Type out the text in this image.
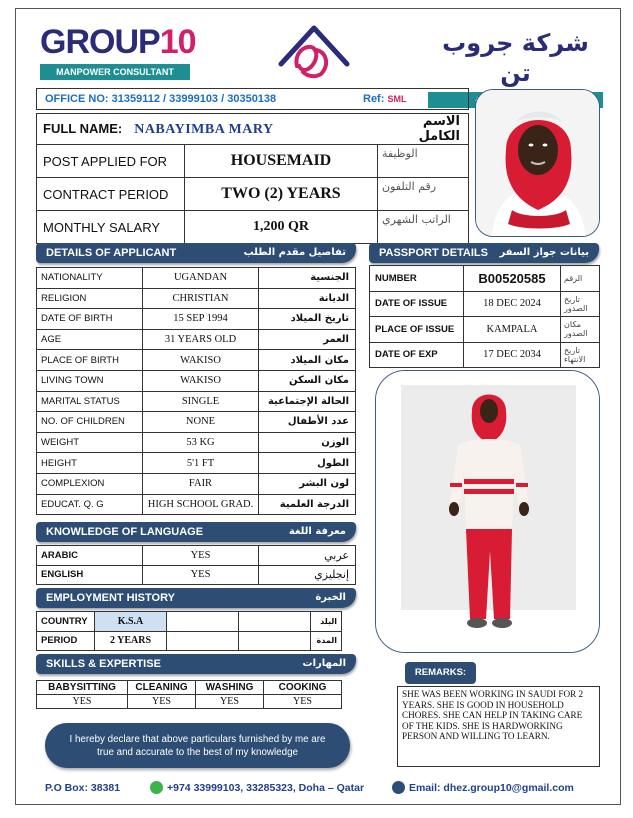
GROUP10
MANPOWER CONSULTANT
شركة جروب تن
OFFICE NO: 31359112 / 33999103 / 30350138	Ref: SML
FULL NAME: NABAYIMBA MARY		الاسم الكامل
POST APPLIED FOR	HOUSEMAID	الوظيفة
CONTRACT PERIOD	TWO (2) YEARS	رقم التلفون
MONTHLY SALARY	1,200 QR	الراتب الشهري
DETAILS OF APPLICANT	تفاصيل مقدم الطلب
NATIONALITY	UGANDAN	الجنسية
RELIGION	CHRISTIAN	الديانة
DATE OF BIRTH	15 SEP 1994	تاريخ الميلاد
AGE	31 YEARS OLD	العمر
PLACE OF BIRTH	WAKISO	مكان الميلاد
LIVING TOWN	WAKISO	مكان السكن
MARITAL STATUS	SINGLE	الحالة الإجتماعية
NO. OF CHILDREN	NONE	عدد الأطفال
WEIGHT	53 KG	الوزن
HEIGHT	5'1 FT	الطول
COMPLEXION	FAIR	لون البشر
EDUCAT. Q. G	HIGH SCHOOL GRAD.	الدرجة العلمية
PASSPORT DETAILS بيانات جواز السفر
NUMBER	B00520585	الرقم
DATE OF ISSUE	18 DEC 2024	تاريخ الصدور
PLACE OF ISSUE	KAMPALA	مكان الصدور
DATE OF EXP	17 DEC 2034	تاريخ الانتهاء
KNOWLEDGE OF LANGUAGE	معرفة اللغة
ARABIC	YES	عربي
ENGLISH	YES	إنجليزي
EMPLOYMENT HISTORY	الخبرة
COUNTRY	K.S.A			البلد
PERIOD	2 YEARS			المدة
SKILLS & EXPERTISE	المهارات
BABYSITTING	CLEANING	WASHING	COOKING
YES	YES	YES	YES
REMARKS:
SHE WAS BEEN WORKING IN SAUDI FOR 2 YEARS. SHE IS GOOD IN HOUSEHOLD CHORES. SHE CAN HELP IN TAKING CARE OF THE KIDS. SHE IS HARDWORKING PERSON AND WILLING TO LEARN.
I hereby declare that above particulars furnished by me are
true and accurate to the best of my knowledge
P.O Box: 38381	+974 33999103, 33285323, Doha – Qatar	Email: dhez.group10@gmail.com
